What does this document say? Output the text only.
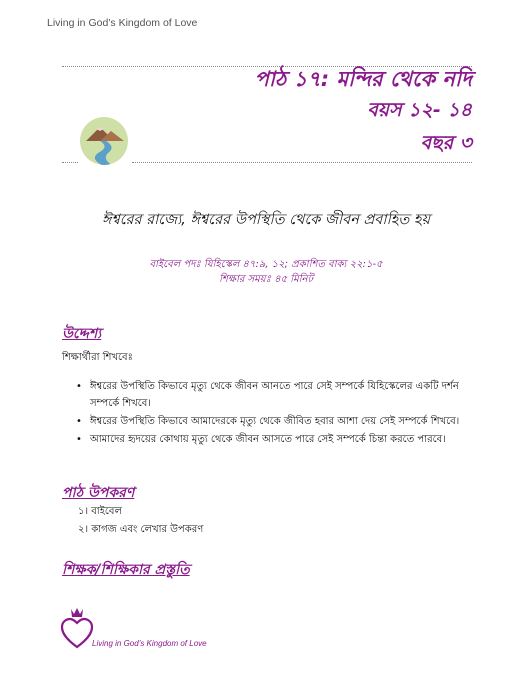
Living in God’s Kingdom of Love
পাঠ ১৭: মন্দির থেকে নদি
বয়স ১২- ১৪
বছর ৩
ঈশ্বরের রাজ্যে, ঈশ্বরের উপস্থিতি থেকে জীবন প্রবাহিত হয়
বাইবেল পদঃ যিহিস্কেল ৪৭:৯, ১২; প্রকাশিত বাক্য ২২:১-৫
শিক্ষার সময়ঃ ৪৫ মিনিট
উদ্দেশ্য
শিক্ষার্থীরা শিখবেঃ
• ঈশ্বরের উপস্থিতি কিভাবে মৃত্যু থেকে জীবন আনতে পারে সেই সম্পর্কে যিহিস্কেলের একটি দর্শন সম্পর্কে শিখবে।
• ঈশ্বরের উপস্থিতি কিভাবে আমাদেরকে মৃত্যু থেকে জীবিত হবার আশা দেয় সেই সম্পর্কে শিখবে।
• আমাদের হৃদয়ের কোথায় মৃত্যু থেকে জীবন আসতে পারে সেই সম্পর্কে চিন্তা করতে পারবে।
পাঠ উপকরণ
১। বাইবেল
২। কাগজ এবং লেখার উপকরণ
শিক্ষক/শিক্ষিকার প্রস্তুতি
Living in God’s Kingdom of Love
